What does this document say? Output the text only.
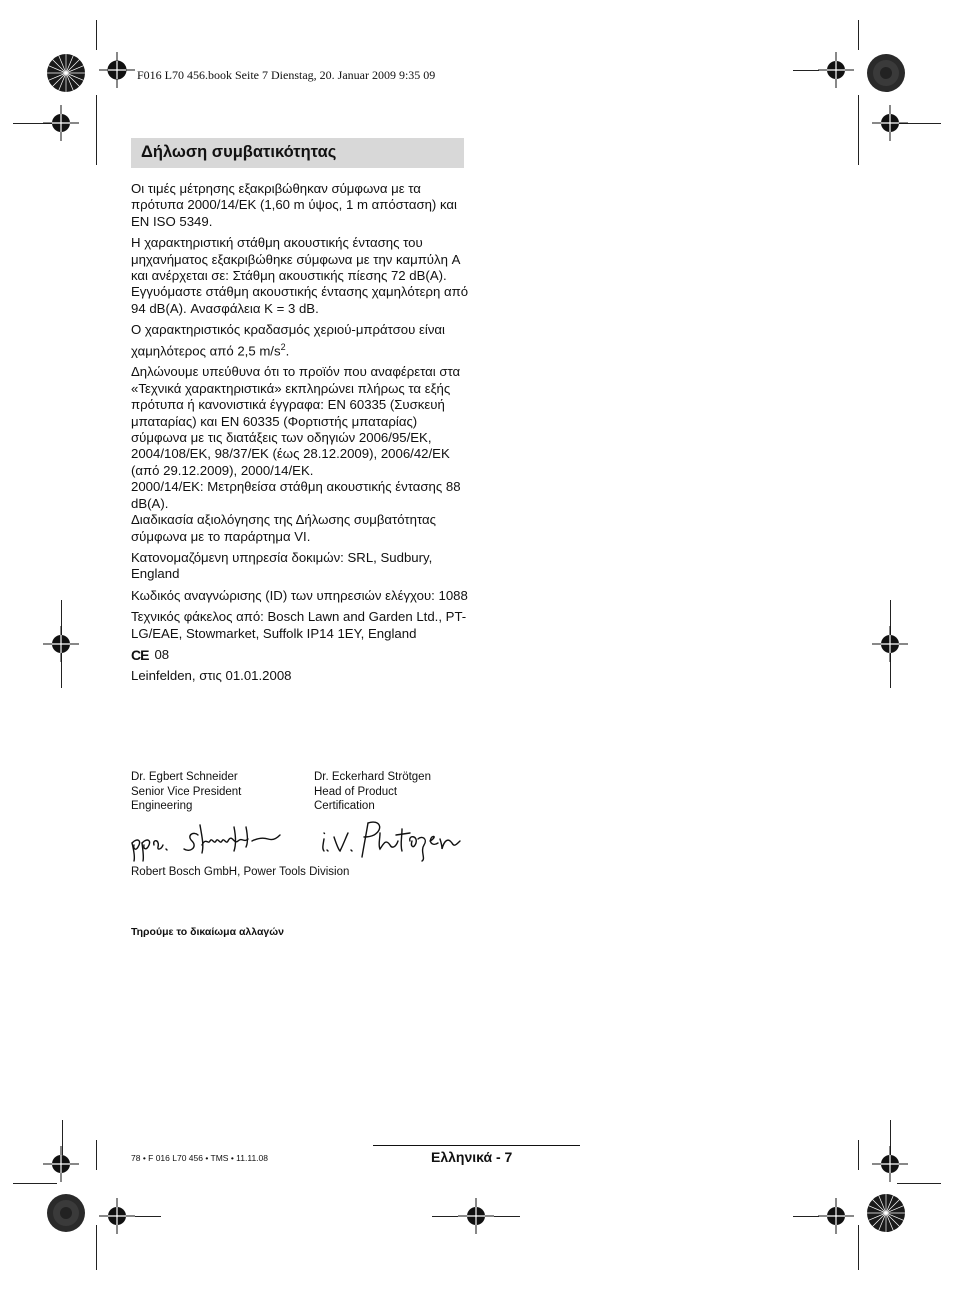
F016 L70 456.book Seite 7 Dienstag, 20. Januar 2009 9:35 09
Δήλωση συμβατικότητας

Οι τιμές μέτρησης εξακριβώθηκαν σύμφωνα με τα πρότυπα 2000/14/ΕΚ (1,60 m ύψος, 1 m απόσταση) και EN ISO 5349.

Η χαρακτηριστική στάθμη ακουστικής έντασης του μηχανήματος εξακριβώθηκε σύμφωνα με την καμπύλη A και ανέρχεται σε: Στάθμη ακουστικής πίεσης 72 dB(A). Εγγυόμαστε στάθμη ακουστικής έντασης χαμηλότερη από 94 dB(A). Ανασφάλεια K = 3 dB.

Ο χαρακτηριστικός κραδασμός χεριού-μπράτσου είναι χαμηλότερος από 2,5 $m/s^2$.

Δηλώνουμε υπεύθυνα ότι το προϊόν που αναφέρεται στα «Τεχνικά χαρακτηριστικά» εκπληρώνει πλήρως τα εξής πρότυπα ή κανονιστικά έγγραφα: EN 60335 (Συσκευή μπαταρίας) και EN 60335 (Φορτιστής μπαταρίας) σύμφωνα με τις διατάξεις των οδηγιών 2006/95/ΕΚ, 2004/108/ΕΚ, 98/37/ΕΚ (έως 28.12.2009), 2006/42/ΕΚ (από 29.12.2009), 2000/14/ΕΚ.

2000/14/ΕΚ: Μετρηθείσα στάθμη ακουστικής έντασης 88 dB(A).

Διαδικασία αξιολόγησης της Δήλωσης συμβατότητας σύμφωνα με το παράρτημα VI.

Κατονομαζόμενη υπηρεσία δοκιμών: SRL, Sudbury, England

Κωδικός αναγνώρισης (ID) των υπηρεσιών ελέγχου: 1088

Τεχνικός φάκελος από: Bosch Lawn and Garden Ltd., PT-LG/EAE, Stowmarket, Suffolk IP14 1EY, England

CE 08

Leinfelden, στις 01.01.2008

Dr. Egbert Schneider
Senior Vice President
Engineering
Dr. Eckerhard Strötgen
Head of Product
Certification
Robert Bosch GmbH, Power Tools Division
Τηρούμε το δικαίωμα αλλαγών
78 • F 016 L70 456 • TMS • 11.11.08	Ελληνικά - 7
